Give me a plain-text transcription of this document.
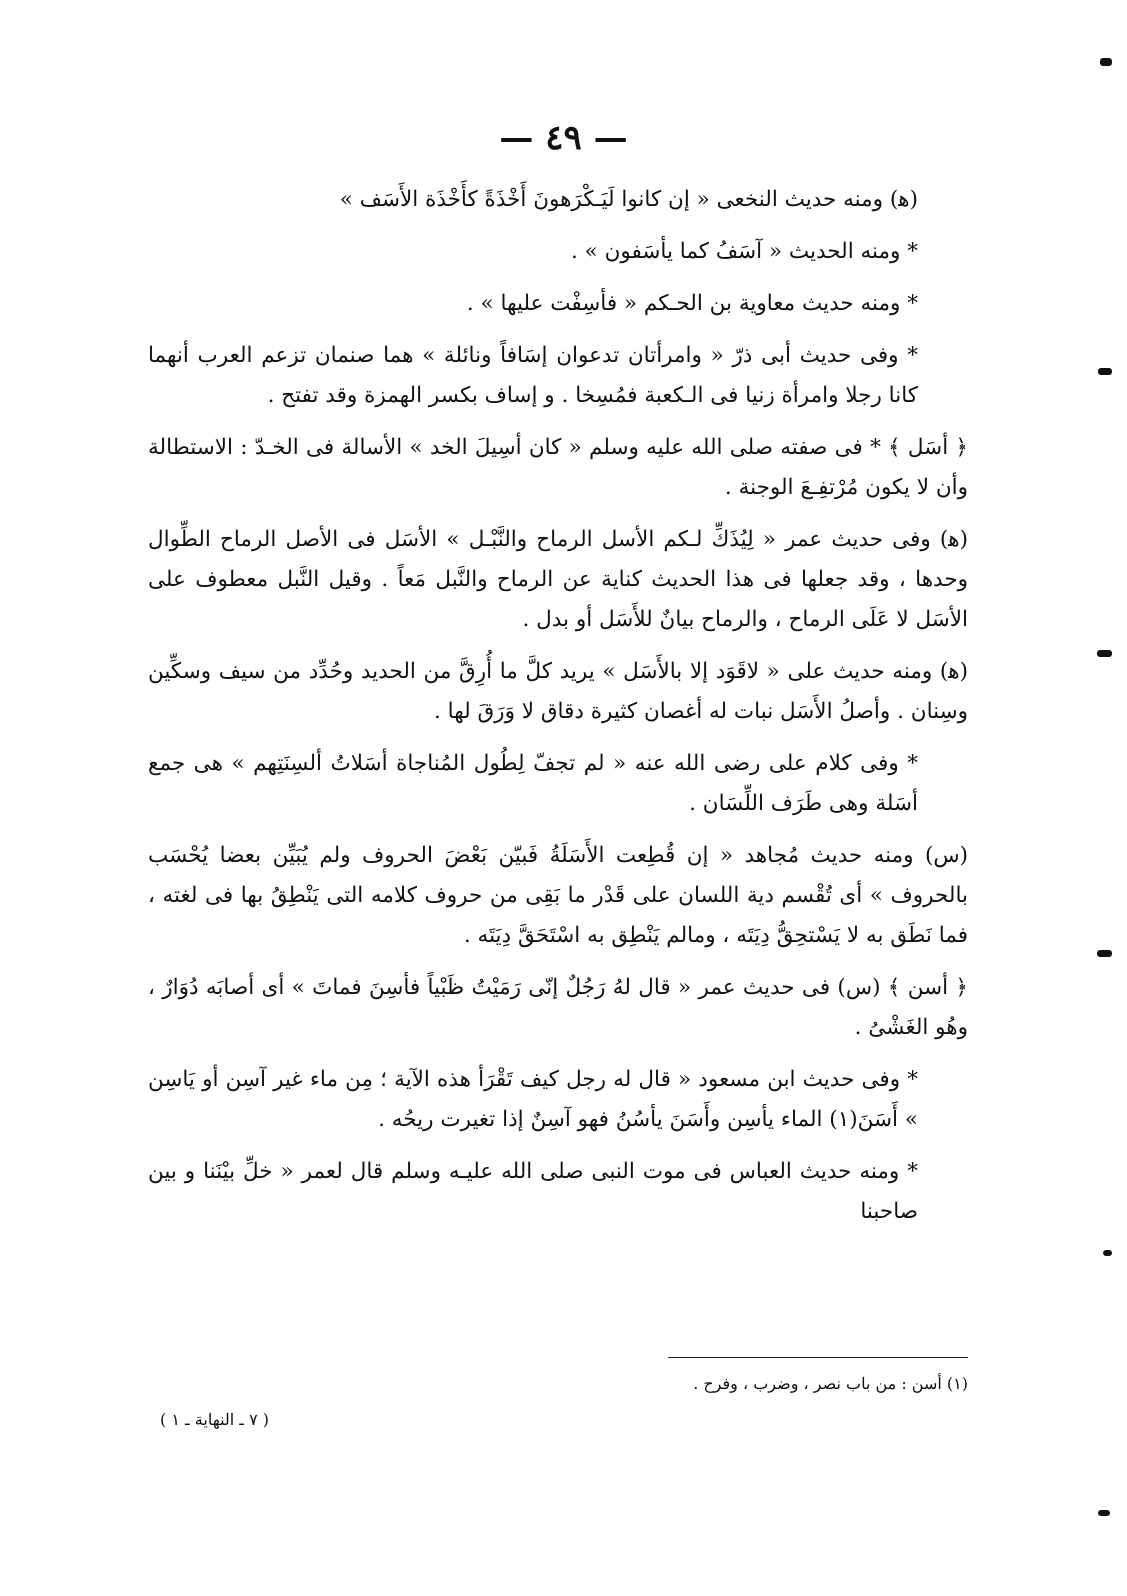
— ٤٩ —

(ﻫ) ومنه حديث النخعى « إن كانوا لَيَـكْرَهونَ أَخْذَةً كأَخْذَة الأَسَف »

* ومنه الحديث « آسَفُ كما يأسَفون » .

* ومنه حديث معاوية بن الحـكم « فأسِفْت عليها » .

* وفى حديث أبى ذرّ « وامرأتان تدعوان إسَافاً ونائلة » هما صنمان تزعم العرب أنهما كانا رجلا وامرأة زنيا فى الـكعبة فمُسِخا . و إساف بكسر الهمزة وقد تفتح .

﴿ أسَل ﴾ * فى صفته صلى الله عليه وسلم « كان أسِيلَ الخد » الأسالة فى الخـدّ : الاستطالة وأن لا يكون مُرْتفِـعَ الوجنة .

(ﻫ) وفى حديث عمر « لِيُذَكِّ لـكم الأسل الرماح والنَّبْـل » الأسَل فى الأصل الرماح الطِّوال وحدها ، وقد جعلها فى هذا الحديث كناية عن الرماح والنَّبل مَعاً . وقيل النَّبل معطوف على الأسَل لا عَلَى الرماح ، والرماح بيانٌ للأَسَل أو بدل .

(ﻫ) ومنه حديث على « لاقَوَد إلا بالأَسَل » يريد كلَّ ما أُرِقَّ من الحديد وحُدِّد من سيف وسكِّين وسِنان . وأصلُ الأَسَل نبات له أغصان كثيرة دقاق لا وَرَقَ لها .

* وفى كلام على رضى الله عنه « لم تجفّ لِطُول المُناجاة أسَلاتُ ألسِنَتِهم » هى جمع أسَلة وهى طَرَف اللِّسَان .

(س) ومنه حديث مُجاهد « إن قُطِعت الأَسَلَةُ فَبيّن بَعْضَ الحروف ولم يُبَيِّن بعضا يُحْسَب بالحروف » أى تُقْسم دية اللسان على قَدْر ما بَقِى من حروف كلامه التى يَنْطِقُ بها فى لغته ، فما نَطَق به لا يَسْتحِقُّ دِيَتَه ، ومالم يَنْطِق به اسْتَحَقَّ دِيَتَه .

﴿ أسن ﴾ (س) فى حديث عمر « قال لهُ رَجُلٌ إنّى رَمَيْتُ ظَبْياً فأسِنَ فماتَ » أى أصابَه دُوَارٌ ، وهُو الغَشْىُ .

* وفى حديث ابن مسعود « قال له رجل كيف تَقْرَأ هذه الآية ؛ مِن ماء غير آسِن أو يَاسِن » أَسَنَ(١) الماء يأسِن وأَسَنَ يأسُنُ فهو آسِنٌ إذا تغيرت ريحُه .

* ومنه حديث العباس فى موت النبى صلى الله عليـه وسلم قال لعمر « خلِّ بيْنَنا و بين صاحبنا

(١) أسن : من باب نصر ، وضرب ، وفرح .
( ٧ ـ النهاية ـ ١ )
